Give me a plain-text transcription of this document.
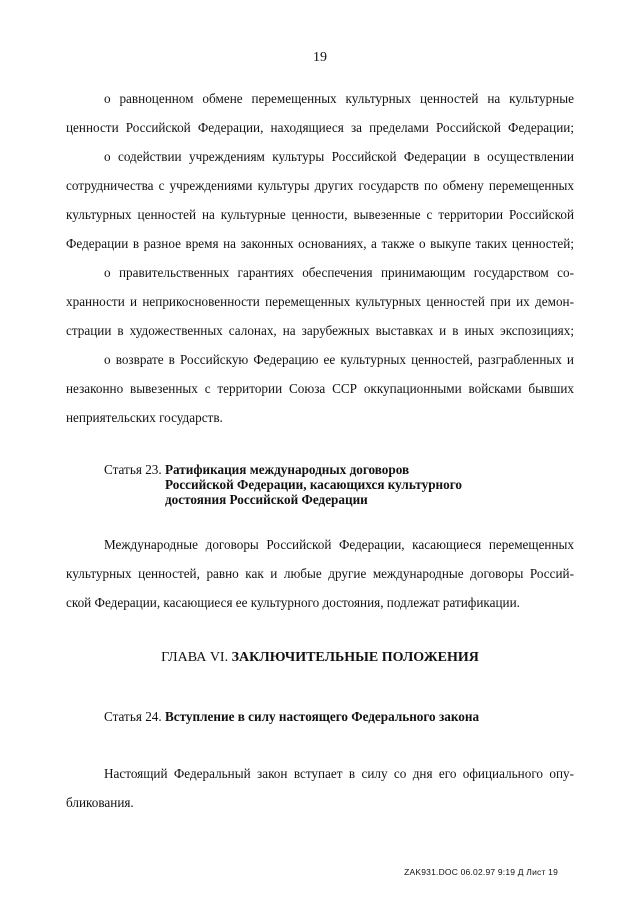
19
о равноценном обмене перемещенных культурных ценностей на культурные
ценности Российской Федерации, находящиеся за пределами Российской Федерации;
о содействии учреждениям культуры Российской Федерации в осуществлении
сотрудничества с учреждениями культуры других государств по обмену перемещенных
культурных ценностей на культурные ценности, вывезенные с территории Российской
Федерации в разное время на законных основаниях, а также о выкупе таких ценностей;
о правительственных гарантиях обеспечения принимающим государством со-
хранности и неприкосновенности перемещенных культурных ценностей при их демон-
страции в художественных салонах, на зарубежных выставках и в иных экспозициях;
о возврате в Российскую Федерацию ее культурных ценностей, разграбленных и
незаконно вывезенных с территории Союза ССР оккупационными войсками бывших
неприятельских государств.
Статья 23. Ратификация международных договоров
Российской Федерации, касающихся культурного
достояния Российской Федерации
Международные договоры Российской Федерации, касающиеся перемещенных
культурных ценностей, равно как и любые другие международные договоры Россий-
ской Федерации, касающиеся ее культурного достояния, подлежат ратификации.
ГЛАВА VI. ЗАКЛЮЧИТЕЛЬНЫЕ ПОЛОЖЕНИЯ
Статья 24. Вступление в силу настоящего Федерального закона
Настоящий Федеральный закон вступает в силу со дня его официального опу-
бликования.
ZAK931.DOC 06.02.97 9:19 Д Лист 19
